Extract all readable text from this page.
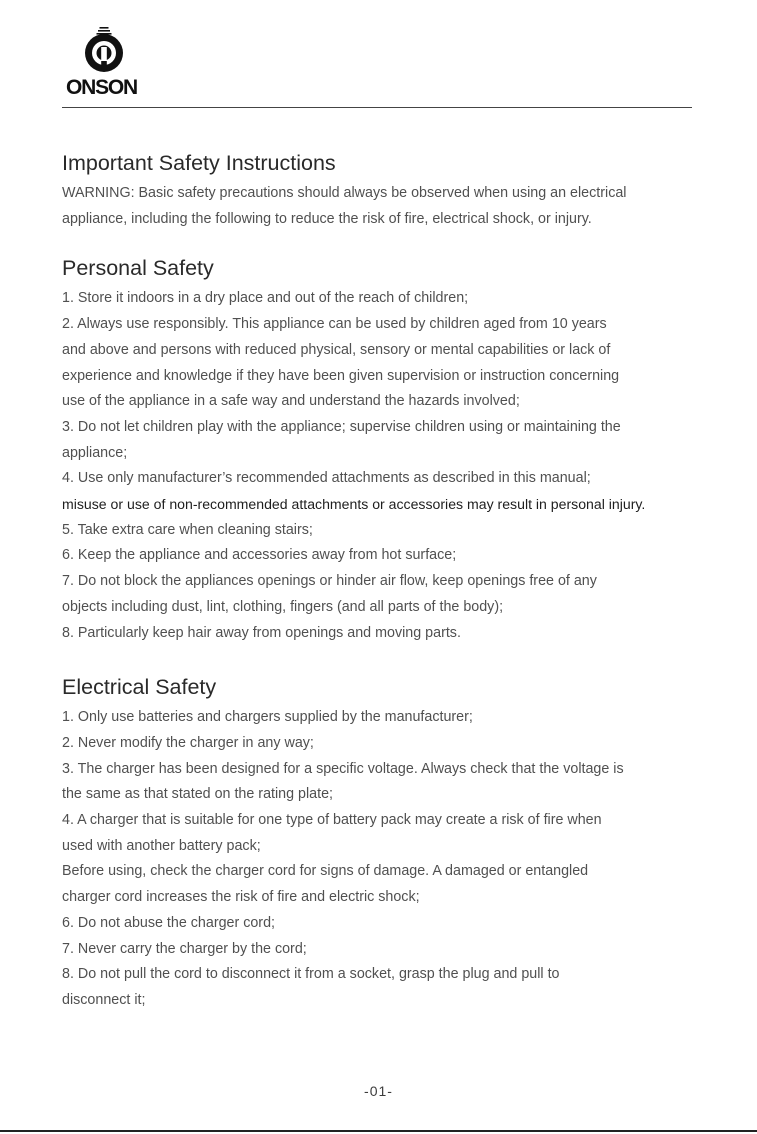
ONSON
Important Safety Instructions

WARNING: Basic safety precautions should always be observed when using an electrical

appliance, including the following to reduce the risk of fire, electrical shock, or injury.

Personal Safety

1. Store it indoors in a dry place and out of the reach of children;

2. Always use responsibly. This appliance can be used by children aged from 10 years

and above and persons with reduced physical, sensory or mental capabilities or lack of

experience and knowledge if they have been given supervision or instruction concerning

use of the appliance in a safe way and understand the hazards involved;

3. Do not let children play with the appliance; supervise children using or maintaining the

appliance;

4. Use only manufacturer’s recommended attachments as described in this manual;

misuse or use of non-recommended attachments or accessories may result in personal injury.

5. Take extra care when cleaning stairs;

6. Keep the appliance and accessories away from hot surface;

7. Do not block the appliances openings or hinder air flow, keep openings free of any

objects including dust, lint, clothing, fingers (and all parts of the body);

8. Particularly keep hair away from openings and moving parts.

Electrical Safety

1. Only use batteries and chargers supplied by the manufacturer;

2. Never modify the charger in any way;

3. The charger has been designed for a specific voltage. Always check that the voltage is

the same as that stated on the rating plate;

4. A charger that is suitable for one type of battery pack may create a risk of fire when

used with another battery pack;

Before using, check the charger cord for signs of damage. A damaged or entangled

charger cord increases the risk of fire and electric shock;

6. Do not abuse the charger cord;

7. Never carry the charger by the cord;

8. Do not pull the cord to disconnect it from a socket, grasp the plug and pull to

disconnect it;

-01-
